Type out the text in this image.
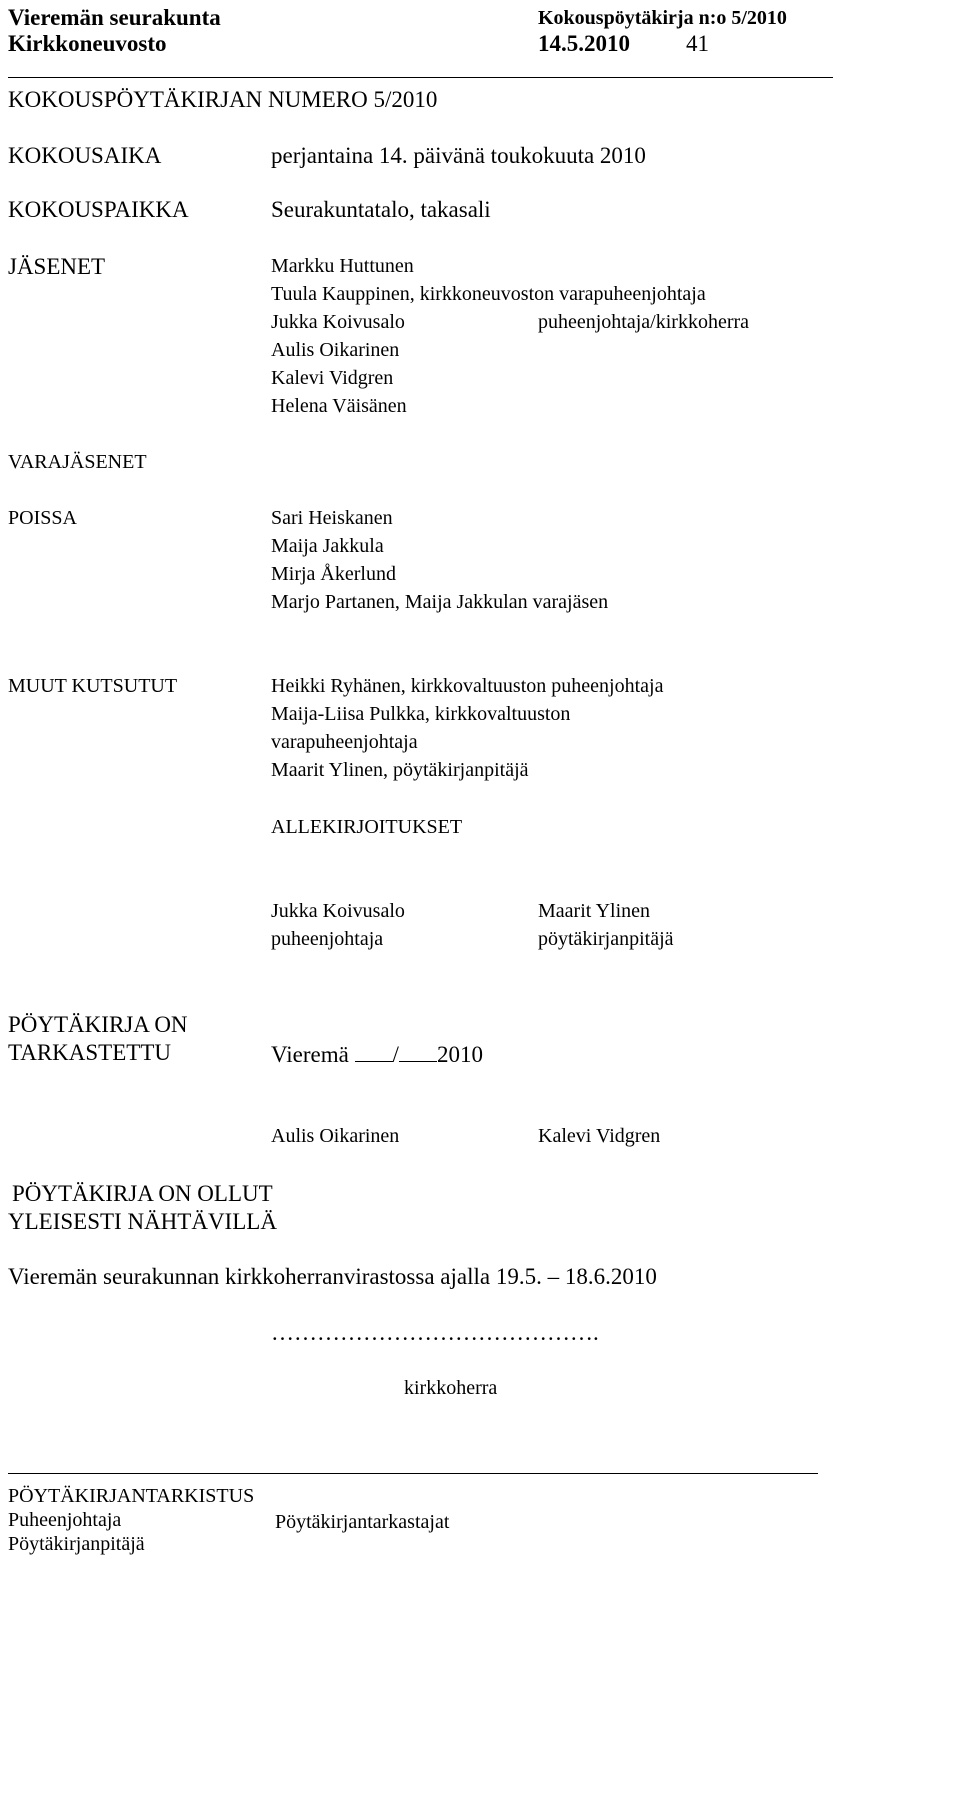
Vieremän seurakunta	Kokouspöytäkirja n:o 5/2010
Kirkkoneuvosto	14.5.2010 41
KOKOUSPÖYTÄKIRJAN NUMERO 5/2010
KOKOUSAIKA	perjantaina 14. päivänä toukokuuta 2010
KOKOUSPAIKKA	Seurakuntatalo, takasali
JÄSENET	Markku Huttunen
Tuula Kauppinen, kirkkoneuvoston varapuheenjohtaja
Jukka Koivusalo	puheenjohtaja/kirkkoherra
Aulis Oikarinen
Kalevi Vidgren
Helena Väisänen
VARAJÄSENET
POISSA	Sari Heiskanen
Maija Jakkula
Mirja Åkerlund
Marjo Partanen, Maija Jakkulan varajäsen
MUUT KUTSUTUT	Heikki Ryhänen, kirkkovaltuuston puheenjohtaja
Maija-Liisa Pulkka, kirkkovaltuuston
varapuheenjohtaja
Maarit Ylinen, pöytäkirjanpitäjä
ALLEKIRJOITUKSET
Jukka Koivusalo	Maarit Ylinen
puheenjohtaja	pöytäkirjanpitäjä
PÖYTÄKIRJA ON
TARKASTETTU	Vieremä / 2010
Aulis Oikarinen	Kalevi Vidgren
PÖYTÄKIRJA ON OLLUT
YLEISESTI NÄHTÄVILLÄ
Vieremän seurakunnan kirkkoherranvirastossa ajalla 19.5. – 18.6.2010
…………………………………….
kirkkoherra
PÖYTÄKIRJANTARKISTUS
Puheenjohtaja	Pöytäkirjantarkastajat
Pöytäkirjanpitäjä
